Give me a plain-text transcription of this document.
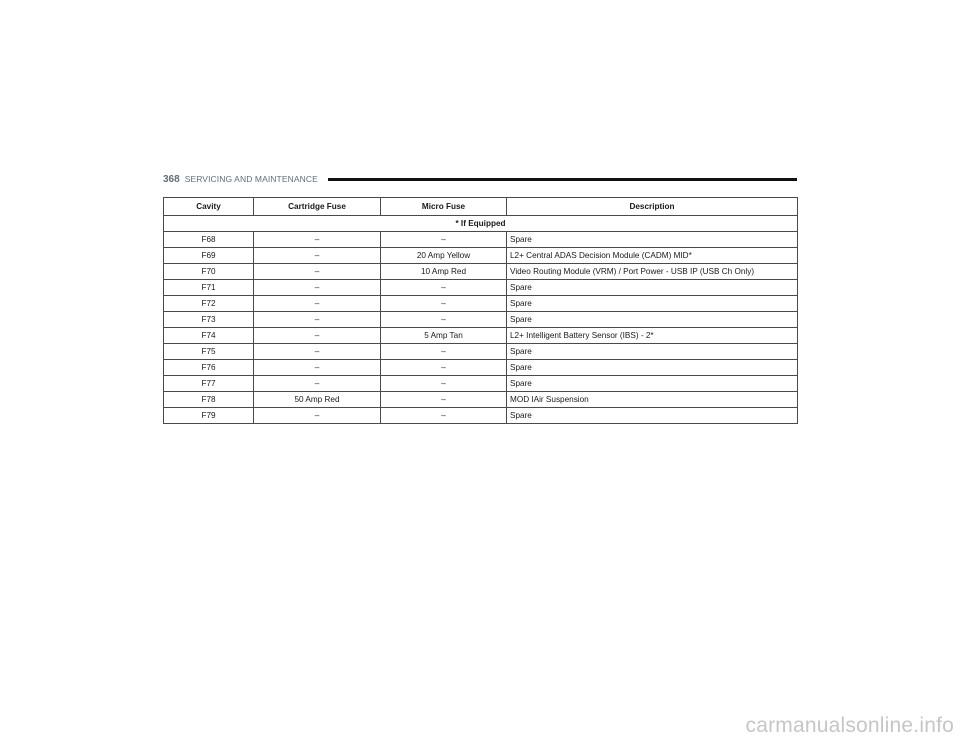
368 SERVICING AND MAINTENANCE
Cavity	Cartridge Fuse	Micro Fuse	Description
* If Equipped			
F68	–	–	Spare
F69	–	20 Amp Yellow	L2+ Central ADAS Decision Module (CADM) MID*
F70	–	10 Amp Red	Video Routing Module (VRM) / Port Power - USB IP (USB Ch Only)
F71	–	–	Spare
F72	–	–	Spare
F73	–	–	Spare
F74	–	5 Amp Tan	L2+ Intelligent Battery Sensor (IBS) - 2*
F75	–	–	Spare
F76	–	–	Spare
F77	–	–	Spare
F78	50 Amp Red	–	MOD IAir Suspension
F79	–	–	Spare
carmanualsonline.info
